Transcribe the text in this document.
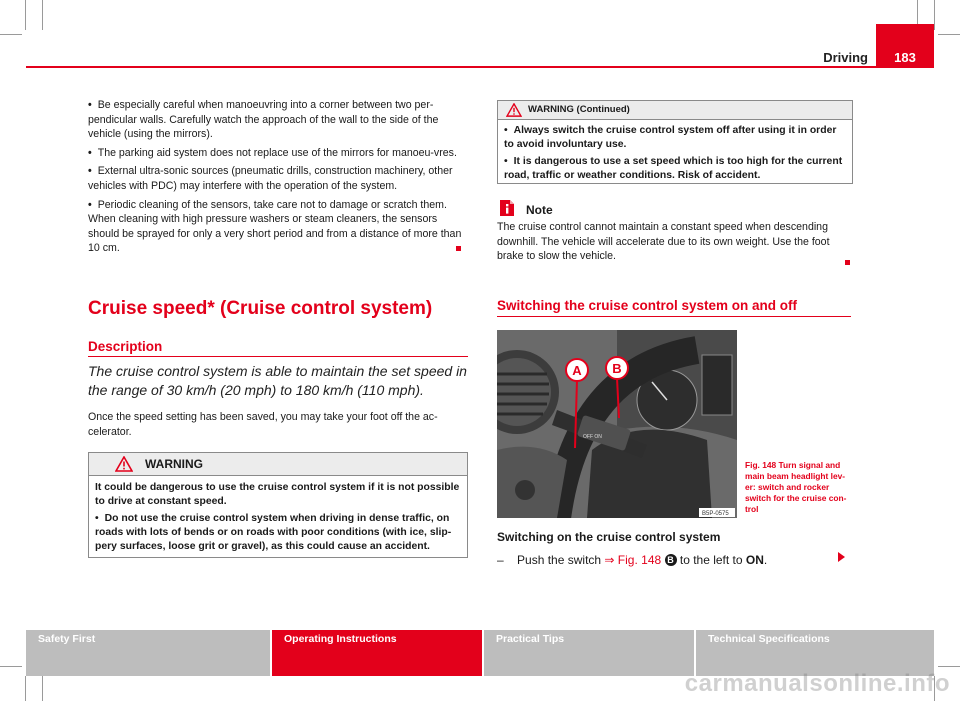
183
Driving
• Be especially careful when manoeuvring into a corner between two per-pendicular walls. Carefully watch the approach of the wall to the side of the vehicle (using the mirrors).
• The parking aid system does not replace use of the mirrors for manoeu-vres.
• External ultra-sonic sources (pneumatic drills, construction machinery, other vehicles with PDC) may interfere with the operation of the system.
• Periodic cleaning of the sensors, take care not to damage or scratch them. When cleaning with high pressure washers or steam cleaners, the sensors should be sprayed for only a very short period and from a distance of more than 10 cm.
Cruise speed* (Cruise control system)
Description
The cruise control system is able to maintain the set speed in the range of 30 km/h (20 mph) to 180 km/h (110 mph).
Once the speed setting has been saved, you may take your foot off the ac-celerator.
WARNING
It could be dangerous to use the cruise control system if it is not possible to drive at constant speed.
• Do not use the cruise control system when driving in dense traffic, on roads with lots of bends or on roads with poor conditions (with ice, slip-pery surfaces, loose grit or gravel), as this could cause an accident.
WARNING (Continued)
• Always switch the cruise control system off after using it in order to avoid involuntary use.
• It is dangerous to use a set speed which is too high for the current road, traffic or weather conditions. Risk of accident.
Note
The cruise control cannot maintain a constant speed when descending downhill. The vehicle will accelerate due to its own weight. Use the foot brake to slow the vehicle.
Switching the cruise control system on and off
OFF ON
A B
B5P-0575
Fig. 148 Turn signal and main beam headlight lev-er: switch and rocker switch for the cruise con-trol
Switching on the cruise control system
– Push the switch ⇒ Fig. 148 B to the left to ON.
Safety First	Operating Instructions	Practical Tips	Technical Specifications
carmanualsonline.info
